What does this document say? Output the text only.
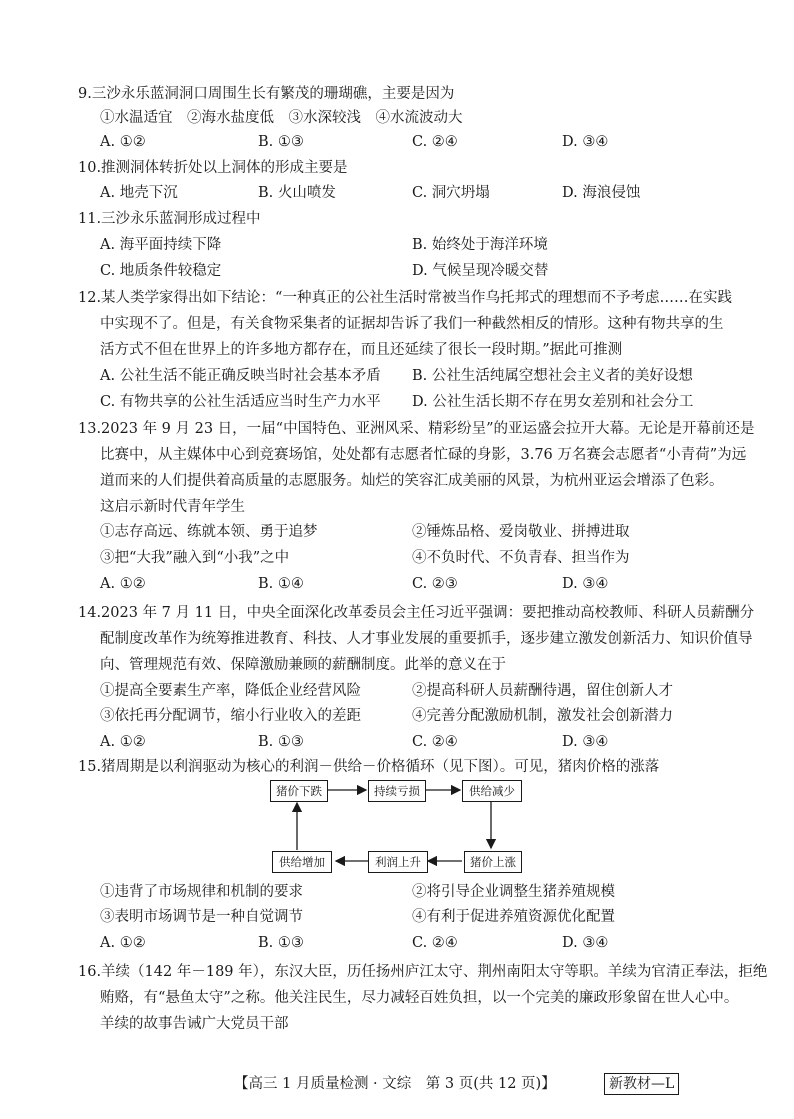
9.三沙永乐蓝洞洞口周围生长有繁茂的珊瑚礁，主要是因为
①水温适宜　②海水盐度低　③水深较浅　④水流波动大
A. ①②	B. ①③	C. ②④	D. ③④
10.推测洞体转折处以上洞体的形成主要是
A. 地壳下沉	B. 火山喷发	C. 洞穴坍塌	D. 海浪侵蚀
11.三沙永乐蓝洞形成过程中
A. 海平面持续下降	B. 始终处于海洋环境
C. 地质条件较稳定	D. 气候呈现冷暖交替
12.某人类学家得出如下结论：“一种真正的公社生活时常被当作乌托邦式的理想而不予考虑……在实践
中实现不了。但是，有关食物采集者的证据却告诉了我们一种截然相反的情形。这种有物共享的生
活方式不但在世界上的许多地方都存在，而且还延续了很长一段时期。”据此可推测
A. 公社生活不能正确反映当时社会基本矛盾 B. 公社生活纯属空想社会主义者的美好设想
C. 有物共享的公社生活适应当时生产力水平 D. 公社生活长期不存在男女差别和社会分工
13.2023 年 9 月 23 日，一届“中国特色、亚洲风采、精彩纷呈”的亚运盛会拉开大幕。无论是开幕前还是
比赛中，从主媒体中心到竞赛场馆，处处都有志愿者忙碌的身影，3.76 万名赛会志愿者“小青荷”为远
道而来的人们提供着高质量的志愿服务。灿烂的笑容汇成美丽的风景，为杭州亚运会增添了色彩。
这启示新时代青年学生
①志存高远、练就本领、勇于追梦	②锤炼品格、爱岗敬业、拼搏进取
③把“大我”融入到“小我”之中	④不负时代、不负青春、担当作为
A. ①②	B. ①④	C. ②③	D. ③④
14.2023 年 7 月 11 日，中央全面深化改革委员会主任习近平强调：要把推动高校教师、科研人员薪酬分
配制度改革作为统筹推进教育、科技、人才事业发展的重要抓手，逐步建立激发创新活力、知识价值导
向、管理规范有效、保障激励兼顾的薪酬制度。此举的意义在于
①提高全要素生产率，降低企业经营风险	②提高科研人员薪酬待遇，留住创新人才
③依托再分配调节，缩小行业收入的差距	④完善分配激励机制，激发社会创新潜力
A. ①②	B. ①③	C. ②④	D. ③④
15.猪周期是以利润驱动为核心的利润－供给－价格循环（见下图）。可见，猪肉价格的涨落
猪价下跌	持续亏损	供给减少
供给增加	利润上升	猪价上涨
①违背了市场规律和机制的要求	②将引导企业调整生猪养殖规模
③表明市场调节是一种自觉调节	④有利于促进养殖资源优化配置
A. ①②	B. ①③	C. ②④	D. ③④
16.羊续（142 年－189 年），东汉大臣，历任扬州庐江太守、荆州南阳太守等职。羊续为官清正奉法，拒绝
贿赂，有“悬鱼太守”之称。他关注民生，尽力减轻百姓负担，以一个完美的廉政形象留在世人心中。
羊续的故事告诫广大党员干部
【高三 1 月质量检测 · 文综　第 3 页(共 12 页)】	新教材—L
